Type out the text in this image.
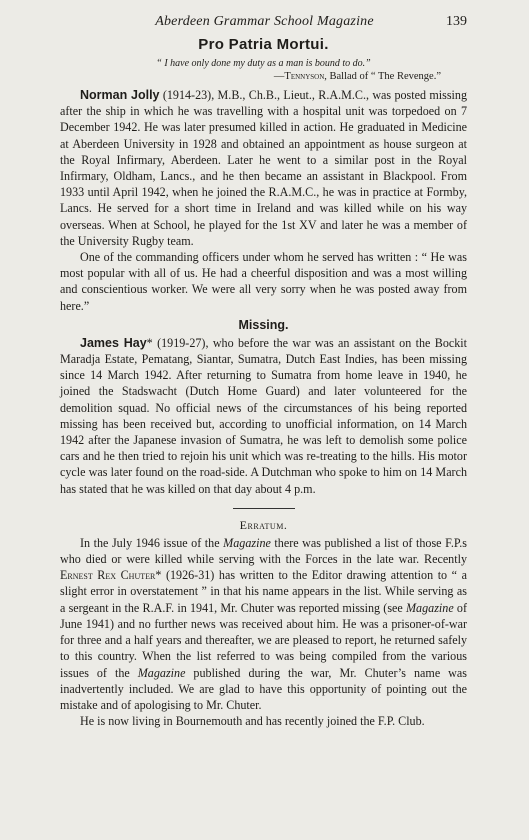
Aberdeen Grammar School Magazine	139
Pro Patria Mortui.
“ I have only done my duty as a man is bound to do.”
—Tennyson, Ballad of “ The Revenge.”

Norman Jolly (1914-23), M.B., Ch.B., Lieut., R.A.M.C., was posted missing after the ship in which he was travelling with a hospital unit was torpedoed on 7 December 1942. He was later presumed killed in action. He graduated in Medicine at Aberdeen University in 1928 and obtained an appointment as house surgeon at the Royal Infirmary, Aberdeen. Later he went to a similar post in the Royal Infirmary, Oldham, Lancs., and he then became an assistant in Blackpool. From 1933 until April 1942, when he joined the R.A.M.C., he was in practice at Formby, Lancs. He served for a short time in Ireland and was killed while on his way overseas. When at School, he played for the 1st XV and later he was a member of the University Rugby team.

One of the commanding officers under whom he served has written : “ He was most popular with all of us. He had a cheerful disposition and was a most willing and conscientious worker. We were all very sorry when he was posted away from here.”

Missing.

James Hay* (1919-27), who before the war was an assistant on the Bockit Maradja Estate, Pematang, Siantar, Sumatra, Dutch East Indies, has been missing since 14 March 1942. After returning to Sumatra from home leave in 1940, he joined the Stadswacht (Dutch Home Guard) and later volunteered for the demolition squad. No official news of the circumstances of his being reported missing has been received but, according to unofficial information, on 14 March 1942 after the Japanese invasion of Sumatra, he was left to demolish some police cars and he then tried to rejoin his unit which was re-treating to the hills. His motor cycle was later found on the road-side. A Dutchman who spoke to him on 14 March has stated that he was killed on that day about 4 p.m.

Erratum.

In the July 1946 issue of the Magazine there was published a list of those F.P.s who died or were killed while serving with the Forces in the late war. Recently Ernest Rex Chuter* (1926-31) has written to the Editor drawing attention to “ a slight error in overstatement ” in that his name appears in the list. While serving as a sergeant in the R.A.F. in 1941, Mr. Chuter was reported missing (see Magazine of June 1941) and no further news was received about him. He was a prisoner-of-war for three and a half years and thereafter, we are pleased to report, he returned safely to this country. When the list referred to was being compiled from the various issues of the Magazine published during the war, Mr. Chuter’s name was inadvertently included. We are glad to have this opportunity of pointing out the mistake and of apologising to Mr. Chuter.

He is now living in Bournemouth and has recently joined the F.P. Club.
